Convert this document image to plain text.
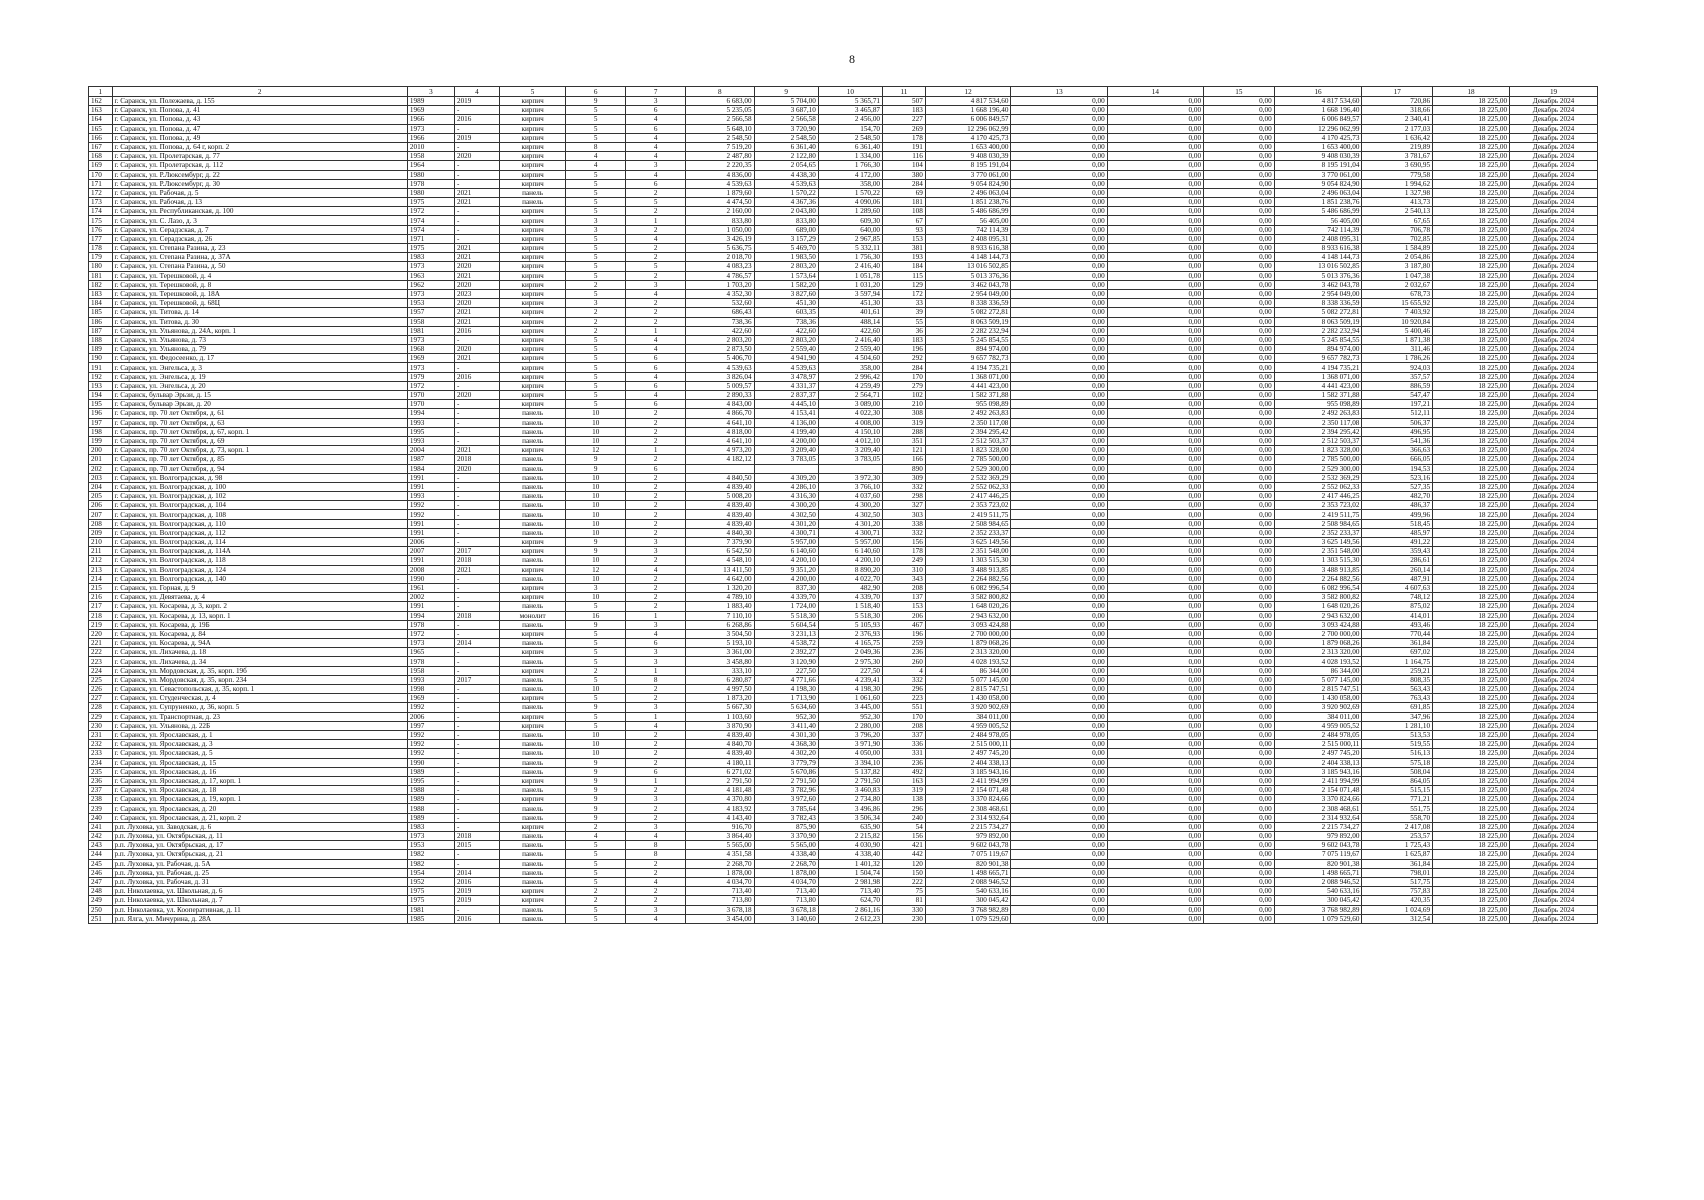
8
1	2	3	4	5	6	7	8	9	10	11	12	13	14	15	16	17	18	19
162	г. Саранск, ул. Полежаева, д. 155	1989	2019	кирпич	9	3	6 683,00	5 704,00	5 365,71	507	4 817 534,60	0,00	0,00	0,00	4 817 534,60	720,86	18 225,00	Декабрь 2024
163	г. Саранск, ул. Попова, д. 41	1969	-	кирпич	5	6	5 235,05	3 687,10	3 465,87	183	1 668 196,40	0,00	0,00	0,00	1 668 196,40	318,66	18 225,00	Декабрь 2024
164	г. Саранск, ул. Попова, д. 43	1966	2016	кирпич	5	4	2 566,58	2 566,58	2 456,00	227	6 006 849,57	0,00	0,00	0,00	6 006 849,57	2 340,41	18 225,00	Декабрь 2024
165	г. Саранск, ул. Попова, д. 47	1973	-	кирпич	5	6	5 648,10	3 720,90	154,70	269	12 296 062,99	0,00	0,00	0,00	12 296 062,99	2 177,03	18 225,00	Декабрь 2024
166	г. Саранск, ул. Попова, д. 49	1966	2019	кирпич	5	4	2 548,50	2 548,50	2 548,50	178	4 170 425,73	0,00	0,00	0,00	4 170 425,73	1 636,42	18 225,00	Декабрь 2024
167	г. Саранск, ул. Попова, д. 64 г, корп. 2	2010	-	кирпич	8	4	7 519,20	6 361,40	6 361,40	191	1 653 400,00	0,00	0,00	0,00	1 653 400,00	219,89	18 225,00	Декабрь 2024
168	г. Саранск, ул. Пролетарская, д. 77	1958	2020	кирпич	4	4	2 487,80	2 122,80	1 334,00	116	9 408 030,39	0,00	0,00	0,00	9 408 030,39	3 781,67	18 225,00	Декабрь 2024
169	г. Саранск, ул. Пролетарская, д. 112	1964	-	кирпич	4	3	2 220,35	2 054,65	1 766,30	104	8 195 191,04	0,00	0,00	0,00	8 195 191,04	3 690,95	18 225,00	Декабрь 2024
170	г. Саранск, ул. Р.Люксембург, д. 22	1980	-	кирпич	5	4	4 836,00	4 438,30	4 172,00	380	3 770 061,00	0,00	0,00	0,00	3 770 061,00	779,58	18 225,00	Декабрь 2024
171	г. Саранск, ул. Р.Люксембург, д. 30	1978	-	кирпич	5	6	4 539,63	4 539,63	358,00	284	9 054 824,90	0,00	0,00	0,00	9 054 824,90	1 994,62	18 225,00	Декабрь 2024
172	г. Саранск, ул. Рабочая, д. 5	1980	2021	панель	5	2	1 879,60	1 570,22	1 570,22	69	2 496 063,04	0,00	0,00	0,00	2 496 063,04	1 327,98	18 225,00	Декабрь 2024
173	г. Саранск, ул. Рабочая, д. 13	1975	2021	панель	5	5	4 474,50	4 367,36	4 090,06	181	1 851 238,76	0,00	0,00	0,00	1 851 238,76	413,73	18 225,00	Декабрь 2024
174	г. Саранск, ул. Республиканская, д. 100	1972	-	кирпич	5	2	2 160,00	2 043,80	1 289,60	108	5 486 686,99	0,00	0,00	0,00	5 486 686,99	2 540,13	18 225,00	Декабрь 2024
175	г. Саранск, ул. С. Лазо, д. 3	1974	-	кирпич	3	1	833,80	833,80	609,30	67	56 405,00	0,00	0,00	0,00	56 405,00	67,65	18 225,00	Декабрь 2024
176	г. Саранск, ул. Серадзская, д. 7	1974	-	кирпич	3	2	1 050,00	689,00	640,00	93	742 114,39	0,00	0,00	0,00	742 114,39	706,78	18 225,00	Декабрь 2024
177	г. Саранск, ул. Серадзская, д. 26	1971	-	кирпич	5	4	3 426,19	3 157,29	2 967,85	153	2 408 095,31	0,00	0,00	0,00	2 408 095,31	702,85	18 225,00	Декабрь 2024
178	г. Саранск, ул. Степана Разина, д. 23	1975	2021	кирпич	5	2	5 636,75	5 469,70	5 332,11	381	8 933 616,38	0,00	0,00	0,00	8 933 616,38	1 584,89	18 225,00	Декабрь 2024
179	г. Саранск, ул. Степана Разина, д. 37А	1983	2021	кирпич	5	2	2 018,70	1 983,50	1 756,30	193	4 148 144,73	0,00	0,00	0,00	4 148 144,73	2 054,86	18 225,00	Декабрь 2024
180	г. Саранск, ул. Степана Разина, д. 50	1973	2020	кирпич	5	5	4 083,23	2 803,20	2 416,40	184	13 016 502,85	0,00	0,00	0,00	13 016 502,85	3 187,80	18 225,00	Декабрь 2024
181	г. Саранск, ул. Терешковой, д. 4	1963	2021	кирпич	5	2	4 786,57	1 573,64	1 051,78	115	5 013 376,36	0,00	0,00	0,00	5 013 376,36	1 047,38	18 225,00	Декабрь 2024
182	г. Саранск, ул. Терешковой, д. 8	1962	2020	кирпич	2	3	1 703,20	1 582,20	1 031,20	129	3 462 043,78	0,00	0,00	0,00	3 462 043,78	2 032,67	18 225,00	Декабрь 2024
183	г. Саранск, ул. Терешковой, д. 18А	1973	2023	кирпич	5	4	4 352,30	3 827,60	3 597,94	172	2 954 049,00	0,00	0,00	0,00	2 954 049,00	678,73	18 225,00	Декабрь 2024
184	г. Саранск, ул. Терешковой, д. 68Ц	1953	2020	кирпич	3	2	532,60	451,30	451,30	33	8 338 336,59	0,00	0,00	0,00	8 338 336,59	15 655,92	18 225,00	Декабрь 2024
185	г. Саранск, ул. Титова, д. 14	1957	2021	кирпич	2	2	686,43	603,35	401,61	39	5 082 272,81	0,00	0,00	0,00	5 082 272,81	7 403,92	18 225,00	Декабрь 2024
186	г. Саранск, ул. Титова, д. 30	1958	2021	кирпич	2	2	738,36	738,36	488,14	55	8 063 509,19	0,00	0,00	0,00	8 063 509,19	10 920,84	18 225,00	Декабрь 2024
187	г. Саранск, ул. Ульянова, д. 24А, корп. 1	1981	2016	кирпич	2	1	422,60	422,60	422,60	36	2 282 232,94	0,00	0,00	0,00	2 282 232,94	5 400,46	18 225,00	Декабрь 2024
188	г. Саранск, ул. Ульянова, д. 73	1973	-	кирпич	5	4	2 803,20	2 803,20	2 416,40	183	5 245 854,55	0,00	0,00	0,00	5 245 854,55	1 871,38	18 225,00	Декабрь 2024
189	г. Саранск, ул. Ульянова, д. 79	1968	2020	кирпич	5	4	2 873,50	2 559,40	2 559,40	196	894 974,00	0,00	0,00	0,00	894 974,00	311,46	18 225,00	Декабрь 2024
190	г. Саранск, ул. Федосеенко, д. 17	1969	2021	кирпич	5	6	5 406,70	4 941,90	4 504,60	292	9 657 782,73	0,00	0,00	0,00	9 657 782,73	1 786,26	18 225,00	Декабрь 2024
191	г. Саранск, ул. Энгельса, д. 3	1973	-	кирпич	5	6	4 539,63	4 539,63	358,00	284	4 194 735,21	0,00	0,00	0,00	4 194 735,21	924,03	18 225,00	Декабрь 2024
192	г. Саранск, ул. Энгельса, д. 19	1979	2016	кирпич	5	4	3 826,04	3 478,97	2 996,42	170	1 368 071,00	0,00	0,00	0,00	1 368 071,00	357,57	18 225,00	Декабрь 2024
193	г. Саранск, ул. Энгельса, д. 20	1972	-	кирпич	5	6	5 009,57	4 331,37	4 259,49	279	4 441 423,00	0,00	0,00	0,00	4 441 423,00	886,59	18 225,00	Декабрь 2024
194	г. Саранск, бульвар Эрьзи, д. 15	1970	2020	кирпич	5	4	2 890,33	2 837,37	2 564,71	102	1 582 371,88	0,00	0,00	0,00	1 582 371,88	547,47	18 225,00	Декабрь 2024
195	г. Саранск, бульвар Эрьзи, д. 20	1970	-	кирпич	5	6	4 843,00	4 445,10	3 089,00	210	955 098,89	0,00	0,00	0,00	955 098,89	197,21	18 225,00	Декабрь 2024
196	г. Саранск, пр. 70 лет Октября, д. 61	1994	-	панель	10	2	4 866,70	4 153,41	4 022,30	308	2 492 263,83	0,00	0,00	0,00	2 492 263,83	512,11	18 225,00	Декабрь 2024
197	г. Саранск, пр. 70 лет Октября, д. 63	1993	-	панель	10	2	4 641,10	4 136,00	4 008,00	319	2 350 117,08	0,00	0,00	0,00	2 350 117,08	506,37	18 225,00	Декабрь 2024
198	г. Саранск, пр. 70 лет Октября, д. 67, корп. 1	1995	-	панель	10	2	4 818,00	4 199,40	4 150,10	288	2 394 295,42	0,00	0,00	0,00	2 394 295,42	496,95	18 225,00	Декабрь 2024
199	г. Саранск, пр. 70 лет Октября, д. 69	1993	-	панель	10	2	4 641,10	4 200,00	4 012,10	351	2 512 503,37	0,00	0,00	0,00	2 512 503,37	541,36	18 225,00	Декабрь 2024
200	г. Саранск, пр. 70 лет Октября, д. 73, корп. 1	2004	2021	кирпич	12	1	4 973,20	3 209,40	3 209,40	121	1 823 328,00	0,00	0,00	0,00	1 823 328,00	366,63	18 225,00	Декабрь 2024
201	г. Саранск, пр. 70 лет Октября, д. 85	1987	2018	панель	9	2	4 182,12	3 783,05	3 783,05	166	2 785 500,00	0,00	0,00	0,00	2 785 500,00	666,05	18 225,00	Декабрь 2024
202	г. Саранск, пр. 70 лет Октября, д. 94	1984	2020	панель	9	6				890	2 529 300,00	0,00	0,00	0,00	2 529 300,00	194,53	18 225,00	Декабрь 2024
203	г. Саранск, ул. Волгоградская, д. 98	1991	-	панель	10	2	4 840,50	4 309,20	3 972,30	309	2 532 369,29	0,00	0,00	0,00	2 532 369,29	523,16	18 225,00	Декабрь 2024
204	г. Саранск, ул. Волгоградская, д. 100	1991	-	панель	10	2	4 839,40	4 286,10	3 766,10	332	2 552 062,33	0,00	0,00	0,00	2 552 062,33	527,35	18 225,00	Декабрь 2024
205	г. Саранск, ул. Волгоградская, д. 102	1993	-	панель	10	2	5 008,20	4 316,30	4 037,60	298	2 417 446,25	0,00	0,00	0,00	2 417 446,25	482,70	18 225,00	Декабрь 2024
206	г. Саранск, ул. Волгоградская, д. 104	1992	-	панель	10	2	4 839,40	4 300,20	4 300,20	327	2 353 723,02	0,00	0,00	0,00	2 353 723,02	486,37	18 225,00	Декабрь 2024
207	г. Саранск, ул. Волгоградская, д. 108	1992	-	панель	10	2	4 839,40	4 302,50	4 302,50	303	2 419 511,75	0,00	0,00	0,00	2 419 511,75	499,96	18 225,00	Декабрь 2024
208	г. Саранск, ул. Волгоградская, д. 110	1991	-	панель	10	2	4 839,40	4 301,20	4 301,20	338	2 508 984,65	0,00	0,00	0,00	2 508 984,65	518,45	18 225,00	Декабрь 2024
209	г. Саранск, ул. Волгоградская, д. 112	1991	-	панель	10	2	4 840,30	4 300,71	4 300,71	332	2 352 233,37	0,00	0,00	0,00	2 352 233,37	485,97	18 225,00	Декабрь 2024
210	г. Саранск, ул. Волгоградская, д. 114	2006	-	кирпич	9	3	7 379,90	5 957,00	5 957,00	156	3 625 149,56	0,00	0,00	0,00	3 625 149,56	491,22	18 225,00	Декабрь 2024
211	г. Саранск, ул. Волгоградская, д. 114А	2007	2017	кирпич	9	3	6 542,50	6 140,60	6 140,60	178	2 351 548,00	0,00	0,00	0,00	2 351 548,00	359,43	18 225,00	Декабрь 2024
212	г. Саранск, ул. Волгоградская, д. 118	1991	2018	панель	10	2	4 548,10	4 200,10	4 200,10	249	1 303 515,30	0,00	0,00	0,00	1 303 515,30	286,61	18 225,00	Декабрь 2024
213	г. Саранск, ул. Волгоградская, д. 124	2008	2021	кирпич	12	4	13 411,50	9 351,20	8 890,20	310	3 488 913,85	0,00	0,00	0,00	3 488 913,85	260,14	18 225,00	Декабрь 2024
214	г. Саранск, ул. Волгоградская, д. 140	1990	-	панель	10	2	4 642,00	4 200,00	4 022,70	343	2 264 882,56	0,00	0,00	0,00	2 264 882,56	487,91	18 225,00	Декабрь 2024
215	г. Саранск, ул. Горная, д. 9	1961	-	кирпич	3	2	1 320,20	837,30	482,90	208	6 082 996,54	0,00	0,00	0,00	6 082 996,54	4 607,63	18 225,00	Декабрь 2024
216	г. Саранск, ул. Девятаева, д. 4	2002	-	кирпич	10	2	4 789,10	4 339,70	4 339,70	137	3 582 800,82	0,00	0,00	0,00	3 582 800,82	748,12	18 225,00	Декабрь 2024
217	г. Саранск, ул. Косарева, д. 3, корп. 2	1991	-	панель	5	2	1 883,40	1 724,00	1 518,40	153	1 648 020,26	0,00	0,00	0,00	1 648 020,26	875,02	18 225,00	Декабрь 2024
218	г. Саранск, ул. Косарева, д. 13, корп. 1	1994	2018	монолит	16	1	7 110,10	5 518,30	5 518,30	206	2 943 632,00	0,00	0,00	0,00	2 943 632,00	414,01	18 225,00	Декабрь 2024
219	г. Саранск, ул. Косарева, д. 19Б	1978	-	панель	9	3	6 268,86	5 604,54	5 105,93	467	3 093 424,88	0,00	0,00	0,00	3 093 424,88	493,46	18 225,00	Декабрь 2024
220	г. Саранск, ул. Косарева, д. 84	1972	-	кирпич	5	4	3 504,50	3 231,13	2 376,93	196	2 700 000,00	0,00	0,00	0,00	2 700 000,00	770,44	18 225,00	Декабрь 2024
221	г. Саранск, ул. Косарева, д. 94А	1973	2014	панель	5	6	5 193,10	4 538,72	4 165,75	259	1 879 068,26	0,00	0,00	0,00	1 879 068,26	361,84	18 225,00	Декабрь 2024
222	г. Саранск, ул. Лихачева, д. 18	1965	-	кирпич	5	3	3 361,00	2 392,27	2 049,36	236	2 313 320,00	0,00	0,00	0,00	2 313 320,00	697,02	18 225,00	Декабрь 2024
223	г. Саранск, ул. Лихачева, д. 34	1978	-	панель	5	3	3 458,80	3 120,90	2 975,30	260	4 028 193,52	0,00	0,00	0,00	4 028 193,52	1 164,75	18 225,00	Декабрь 2024
224	г. Саранск, ул. Мордовская, д. 35, корп. 19б	1958	-	кирпич	2	1	333,10	227,50	227,50	4	86 344,00	0,00	0,00	0,00	86 344,00	259,21	18 225,00	Декабрь 2024
225	г. Саранск, ул. Мордовская, д. 35, корп. 234	1993	2017	панель	5	8	6 280,87	4 771,66	4 239,41	332	5 077 145,00	0,00	0,00	0,00	5 077 145,00	808,35	18 225,00	Декабрь 2024
226	г. Саранск, ул. Севастопольская, д. 35, корп. 1	1998	-	панель	10	2	4 997,50	4 198,30	4 198,30	296	2 815 747,51	0,00	0,00	0,00	2 815 747,51	563,43	18 225,00	Декабрь 2024
227	г. Саранск, ул. Студенческая, д. 4	1969	-	кирпич	5	2	1 873,20	1 713,90	1 061,60	223	1 430 058,00	0,00	0,00	0,00	1 430 058,00	763,43	18 225,00	Декабрь 2024
228	г. Саранск, ул. Супруненко, д. 36, корп. 5	1992	-	панель	9	3	5 667,30	5 634,60	3 445,00	551	3 920 902,69	0,00	0,00	0,00	3 920 902,69	691,85	18 225,00	Декабрь 2024
229	г. Саранск, ул. Транспортная, д. 23	2006	-	кирпич	5	1	1 103,60	952,30	952,30	170	384 011,00	0,00	0,00	0,00	384 011,00	347,96	18 225,00	Декабрь 2024
230	г. Саранск, ул. Ульянова, д. 22Б	1997	-	кирпич	5	4	3 870,90	3 411,40	2 280,00	208	4 959 005,52	0,00	0,00	0,00	4 959 005,52	1 281,10	18 225,00	Декабрь 2024
231	г. Саранск, ул. Ярославская, д. 1	1992	-	панель	10	2	4 839,40	4 301,30	3 796,20	337	2 484 978,05	0,00	0,00	0,00	2 484 978,05	513,53	18 225,00	Декабрь 2024
232	г. Саранск, ул. Ярославская, д. 3	1992	-	панель	10	2	4 840,70	4 368,30	3 971,90	336	2 515 000,11	0,00	0,00	0,00	2 515 000,11	519,55	18 225,00	Декабрь 2024
233	г. Саранск, ул. Ярославская, д. 5	1992	-	панель	10	2	4 839,40	4 302,20	4 050,00	331	2 497 745,20	0,00	0,00	0,00	2 497 745,20	516,13	18 225,00	Декабрь 2024
234	г. Саранск, ул. Ярославская, д. 15	1990	-	панель	9	2	4 180,11	3 779,79	3 394,10	236	2 404 338,13	0,00	0,00	0,00	2 404 338,13	575,18	18 225,00	Декабрь 2024
235	г. Саранск, ул. Ярославская, д. 16	1989	-	панель	9	6	6 271,02	5 670,86	5 137,82	492	3 185 943,16	0,00	0,00	0,00	3 185 943,16	508,04	18 225,00	Декабрь 2024
236	г. Саранск, ул. Ярославская, д. 17, корп. 1	1995	-	кирпич	9	1	2 791,50	2 791,50	2 791,50	163	2 411 994,99	0,00	0,00	0,00	2 411 994,99	864,05	18 225,00	Декабрь 2024
237	г. Саранск, ул. Ярославская, д. 18	1988	-	панель	9	2	4 181,48	3 782,96	3 460,83	319	2 154 071,48	0,00	0,00	0,00	2 154 071,48	515,15	18 225,00	Декабрь 2024
238	г. Саранск, ул. Ярославская, д. 19, корп. 1	1989	-	кирпич	9	3	4 370,80	3 972,60	2 734,80	138	3 370 824,66	0,00	0,00	0,00	3 370 824,66	771,21	18 225,00	Декабрь 2024
239	г. Саранск, ул. Ярославская, д. 20	1988	-	панель	9	2	4 183,92	3 785,64	3 496,86	296	2 308 468,61	0,00	0,00	0,00	2 308 468,61	551,75	18 225,00	Декабрь 2024
240	г. Саранск, ул. Ярославская, д. 21, корп. 2	1989	-	панель	9	2	4 143,40	3 782,43	3 506,34	240	2 314 932,64	0,00	0,00	0,00	2 314 932,64	558,70	18 225,00	Декабрь 2024
241	р.п. Луховка, ул. Заводская, д. 6	1983	-	кирпич	2	3	916,70	875,90	635,90	54	2 215 734,27	0,00	0,00	0,00	2 215 734,27	2 417,08	18 225,00	Декабрь 2024
242	р.п. Луховка, ул. Октябрьская, д. 11	1973	2018	панель	4	4	3 864,40	3 370,90	2 215,82	156	979 892,00	0,00	0,00	0,00	979 892,00	253,57	18 225,00	Декабрь 2024
243	р.п. Луховка, ул. Октябрьская, д. 17	1953	2015	панель	5	8	5 565,00	5 565,00	4 030,90	421	9 602 043,78	0,00	0,00	0,00	9 602 043,78	1 725,43	18 225,00	Декабрь 2024
244	р.п. Луховка, ул. Октябрьская, д. 21	1982	-	панель	5	8	4 351,58	4 338,40	4 338,40	442	7 075 119,67	0,00	0,00	0,00	7 075 119,67	1 625,87	18 225,00	Декабрь 2024
245	р.п. Луховка, ул. Рабочая, д. 5А	1982	-	панель	5	2	2 268,70	2 268,70	1 401,32	120	820 901,38	0,00	0,00	0,00	820 901,38	361,84	18 225,00	Декабрь 2024
246	р.п. Луховка, ул. Рабочая, д. 25	1954	2014	панель	5	2	1 878,00	1 878,00	1 504,74	150	1 498 665,71	0,00	0,00	0,00	1 498 665,71	798,01	18 225,00	Декабрь 2024
247	р.п. Луховка, ул. Рабочая, д. 31	1952	2016	панель	5	4	4 034,70	4 034,70	2 981,98	222	2 088 946,52	0,00	0,00	0,00	2 088 946,52	517,75	18 225,00	Декабрь 2024
248	р.п. Николаевка, ул. Школьная, д. 6	1975	2019	кирпич	2	2	713,40	713,40	713,40	75	540 633,16	0,00	0,00	0,00	540 633,16	757,83	18 225,00	Декабрь 2024
249	р.п. Николаевка, ул. Школьная, д. 7	1975	2019	кирпич	2	2	713,80	713,80	624,70	81	300 045,42	0,00	0,00	0,00	300 045,42	420,35	18 225,00	Декабрь 2024
250	р.п. Николаевка, ул. Кооперативная, д. 11	1981	-	панель	5	3	3 678,18	3 678,18	2 861,16	330	3 768 982,89	0,00	0,00	0,00	3 768 982,89	1 024,69	18 225,00	Декабрь 2024
251	р.п. Ялга, ул. Мичурина, д. 28А	1985	2016	панель	5	4	3 454,00	3 140,60	2 612,23	230	1 079 529,60	0,00	0,00	0,00	1 079 529,60	312,54	18 225,00	Декабрь 2024
